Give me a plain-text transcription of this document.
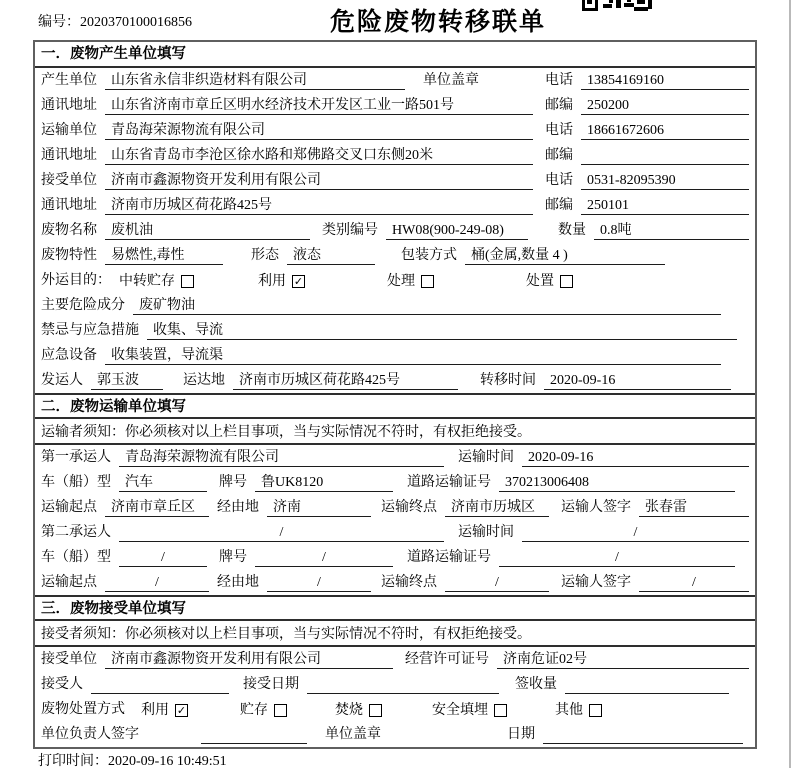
编号：2020370100016856	危险废物转移联单
一．废物产生单位填写
产生单位	山东省永信非织造材料有限公司	单位盖章	电话	13854169160
通讯地址	山东省济南市章丘区明水经济技术开发区工业一路501号	邮编	250200
运输单位	青岛海荣源物流有限公司	电话	18661672606
通讯地址	山东省青岛市李沧区徐水路和郑佛路交叉口东侧20米	邮编
接受单位	济南市鑫源物资开发利用有限公司	电话	0531-82095390
通讯地址	济南市历城区荷花路425号	邮编	250101
废物名称	废机油	类别编号	HW08(900-249-08)	数量	0.8吨
废物特性	易燃性,毒性	形态	液态	包装方式	桶(金属,数量 4 )
外运目的： 中转贮存	利用 ✓	处理	处置
主要危险成分	废矿物油
禁忌与应急措施	收集、导流
应急设备	收集装置，导流渠
发运人	郭玉波	运达地	济南市历城区荷花路425号	转移时间	2020-09-16
二．废物运输单位填写
运输者须知：你必须核对以上栏目事项，当与实际情况不符时，有权拒绝接受。
第一承运人	青岛海荣源物流有限公司	运输时间	2020-09-16
车（船）型	汽车	牌号	鲁UK8120	道路运输证号	370213006408
运输起点	济南市章丘区	经由地	济南	运输终点	济南市历城区	运输人签字	张春雷
第二承运人	/	运输时间	/
车（船）型	/	牌号	/	道路运输证号	/
运输起点	/	经由地	/	运输终点	/	运输人签字	/
三．废物接受单位填写
接受者须知：你必须核对以上栏目事项，当与实际情况不符时，有权拒绝接受。
接受单位	济南市鑫源物资开发利用有限公司	经营许可证号	济南危证02号
接受人	接受日期	签收量
废物处置方式 利用 ✓	贮存	焚烧	安全填埋	其他
单位负责人签字	单位盖章	日期
打印时间：2020-09-16 10:49:51
